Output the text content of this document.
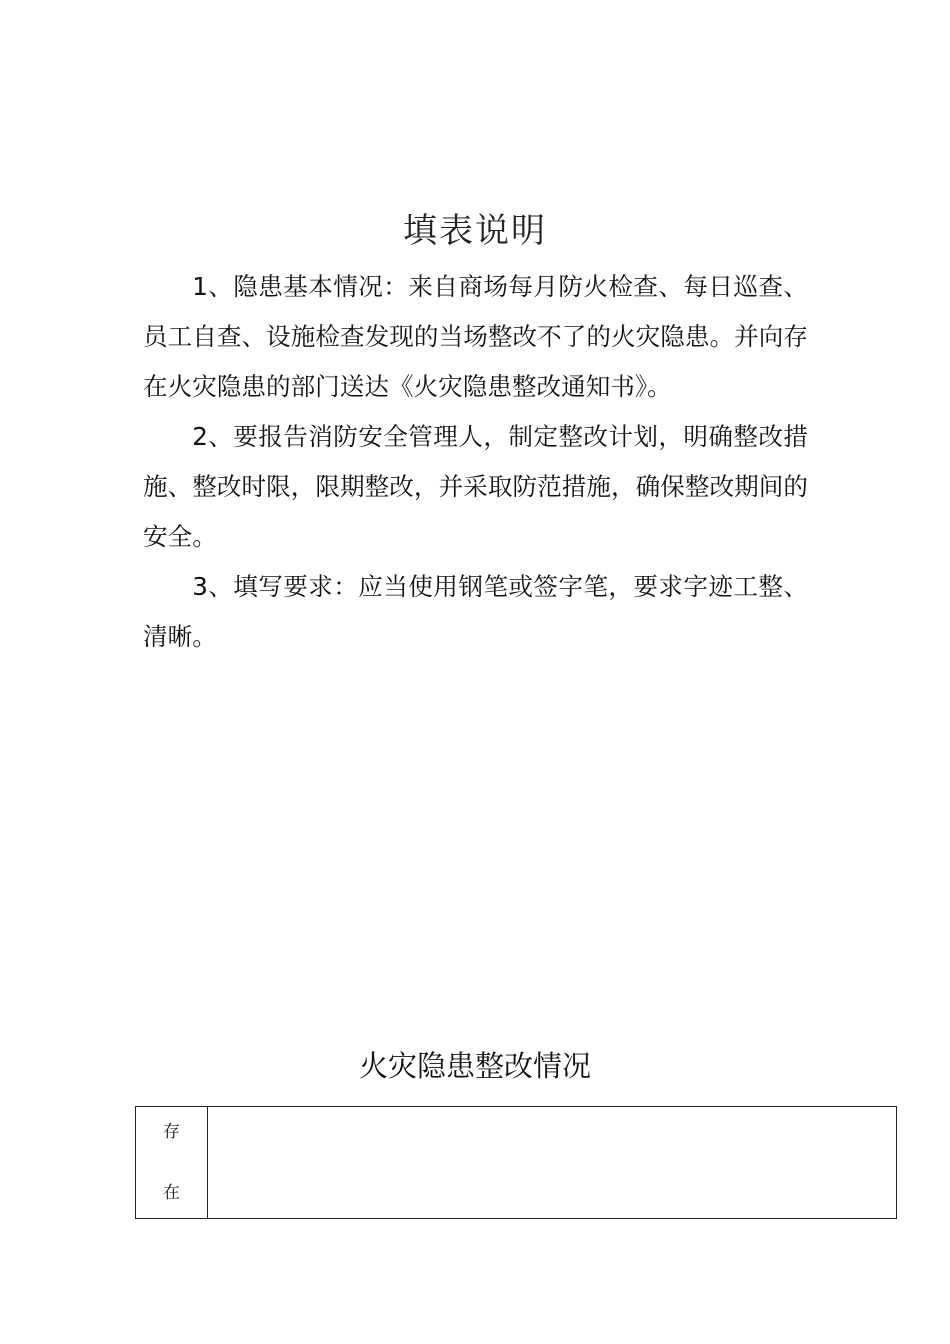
填表说明

1、隐患基本情况：来自商场每月防火检查、每日巡查、员工自查、设施检查发现的当场整改不了的火灾隐患。并向存在火灾隐患的部门送达《火灾隐患整改通知书》。

2、要报告消防安全管理人，制定整改计划，明确整改措施、整改时限，限期整改，并采取防范措施，确保整改期间的安全。

3、填写要求：应当使用钢笔或签字笔，要求字迹工整、清晰。

火灾隐患整改情况
存
在
